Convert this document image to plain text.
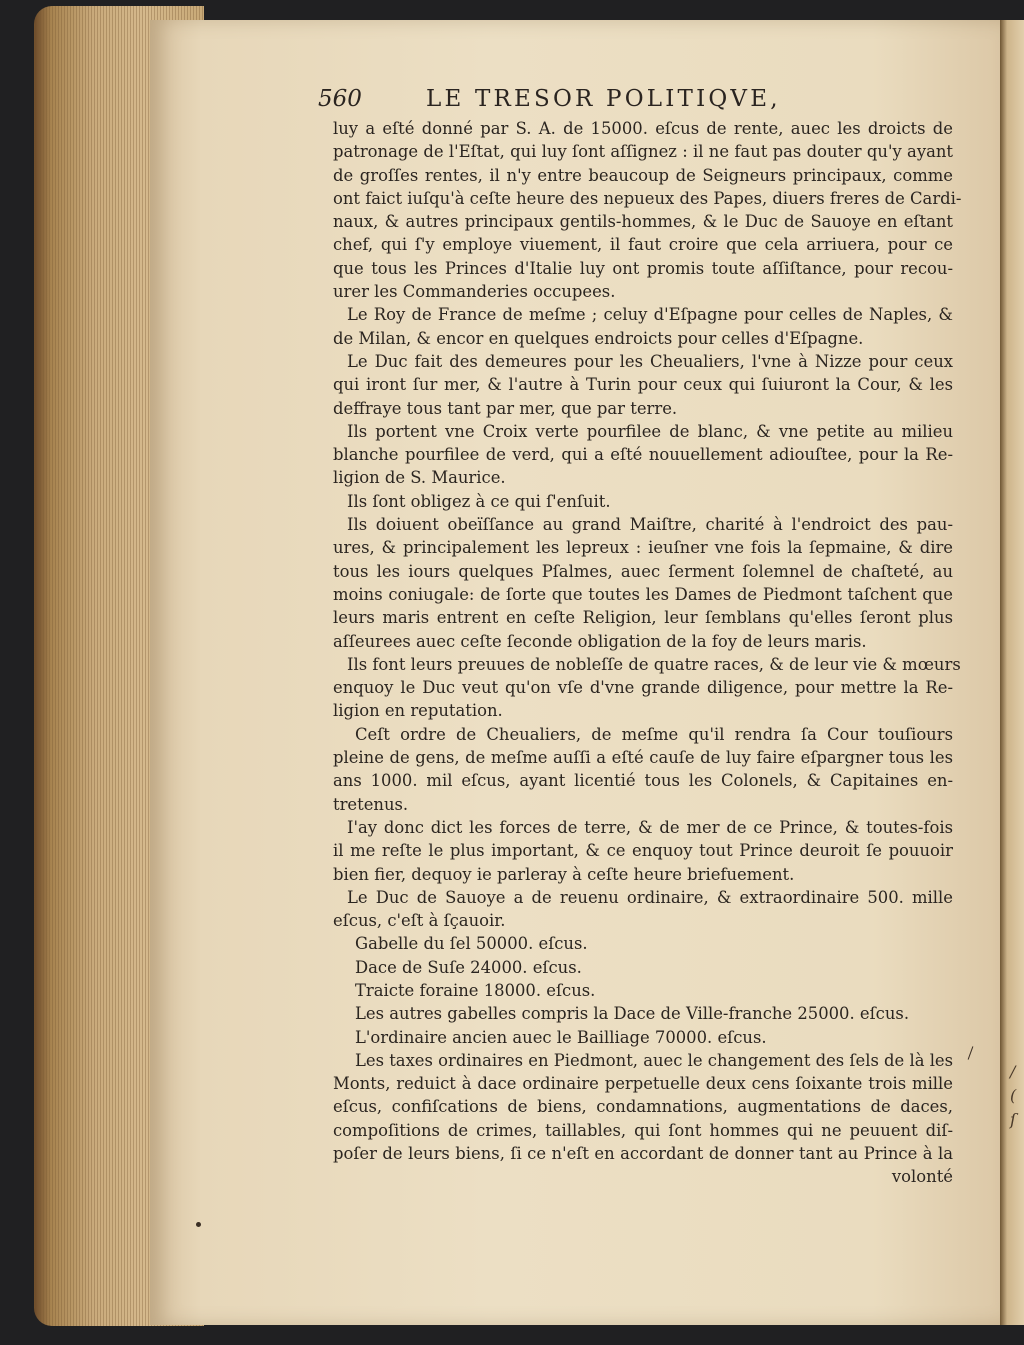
/
(
ſ
560	LE TRESOR POLITIQVE,
luy a eſté donné par S. A. de 15000. eſcus de rente, auec les droicts de
patronage de l'Eſtat, qui luy ſont aſſignez : il ne faut pas douter qu'y ayant
de groſſes rentes, il n'y entre beaucoup de Seigneurs principaux, comme
ont faict iuſqu'à ceſte heure des nepueux des Papes, diuers freres de Cardi-
naux, & autres principaux gentils-hommes, & le Duc de Sauoye en eſtant
chef, qui ſ'y employe viuement, il faut croire que cela arriuera, pour ce
que tous les Princes d'Italie luy ont promis toute aſſiſtance, pour recou-
urer les Commanderies occupees.
Le Roy de France de meſme ; celuy d'Eſpagne pour celles de Naples, &
de Milan, & encor en quelques endroicts pour celles d'Eſpagne.
Le Duc fait des demeures pour les Cheualiers, l'vne à Nizze pour ceux
qui iront ſur mer, & l'autre à Turin pour ceux qui ſuiuront la Cour, & les
deffraye tous tant par mer, que par terre.
Ils portent vne Croix verte pourfilee de blanc, & vne petite au milieu
blanche pourfilee de verd, qui a eſté nouuellement adiouſtee, pour la Re-
ligion de S. Maurice.
Ils ſont obligez à ce qui ſ'enſuit.
Ils doiuent obeïſſance au grand Maiſtre, charité à l'endroict des pau-
ures, & principalement les lepreux : ieuſner vne fois la ſepmaine, & dire
tous les iours quelques Pſalmes, auec ſerment ſolemnel de chaſteté, au
moins coniugale: de ſorte que toutes les Dames de Piedmont taſchent que
leurs maris entrent en ceſte Religion, leur ſemblans qu'elles ſeront plus
aſſeurees auec ceſte ſeconde obligation de la foy de leurs maris.
Ils font leurs preuues de nobleſſe de quatre races, & de leur vie & mœurs
enquoy le Duc veut qu'on vſe d'vne grande diligence, pour mettre la Re-
ligion en reputation.
Ceſt ordre de Cheualiers, de meſme qu'il rendra ſa Cour touſiours
pleine de gens, de meſme auſſi a eſté cauſe de luy faire eſpargner tous les
ans 1000. mil eſcus, ayant licentié tous les Colonels, & Capitaines en-
tretenus.
I'ay donc dict les forces de terre, & de mer de ce Prince, & toutes-fois
il me reſte le plus important, & ce enquoy tout Prince deuroit ſe pouuoir
bien fier, dequoy ie parleray à ceſte heure briefuement.
Le Duc de Sauoye a de reuenu ordinaire, & extraordinaire 500. mille
eſcus, c'eſt à ſçauoir.
Gabelle du ſel 50000. eſcus.
Dace de Suſe 24000. eſcus.
Traicte foraine 18000. eſcus.
Les autres gabelles compris la Dace de Ville-franche 25000. eſcus.
L'ordinaire ancien auec le Bailliage 70000. eſcus.
Les taxes ordinaires en Piedmont, auec le changement des ſels de là les
Monts, reduict à dace ordinaire perpetuelle deux cens ſoixante trois mille
eſcus, confiſcations de biens, condamnations, augmentations de daces,
compoſitions de crimes, taillables, qui ſont hommes qui ne peuuent diſ-
poſer de leurs biens, ſi ce n'eſt en accordant de donner tant au Prince à la
volonté
